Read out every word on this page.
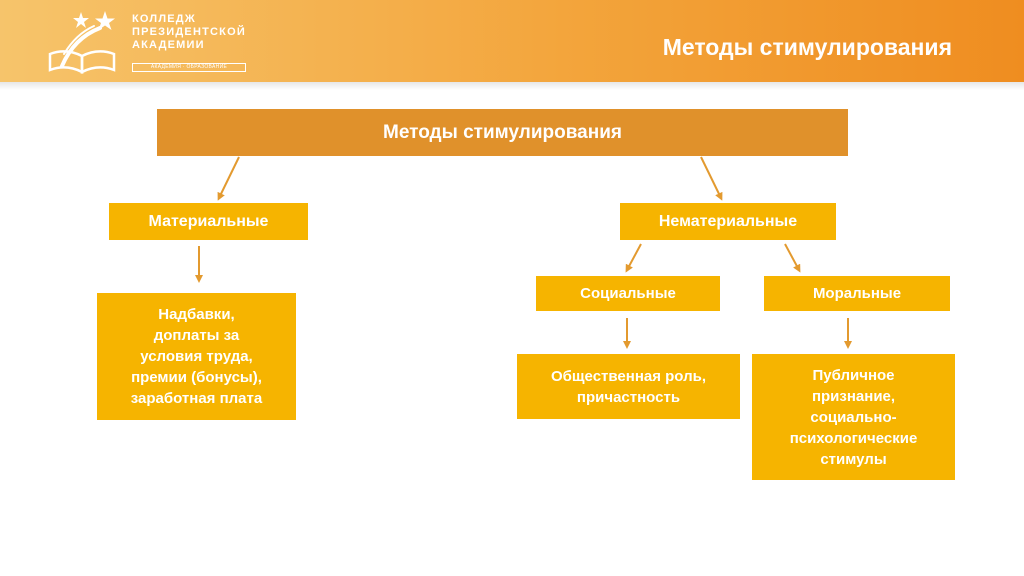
КОЛЛЕДЖ
ПРЕЗИДЕНТСКОЙ
АКАДЕМИИ
АКАДЕМИЯ · ОБРАЗОВАНИЕ
Методы стимулирования
Методы стимулирования
Материальные	Нематериальные
Надбавки,
доплаты за
условия труда,
премии (бонусы),
заработная плата
Социальные	Моральные
Общественная роль,
причастность
Публичное
признание,
социально-
психологические
стимулы
